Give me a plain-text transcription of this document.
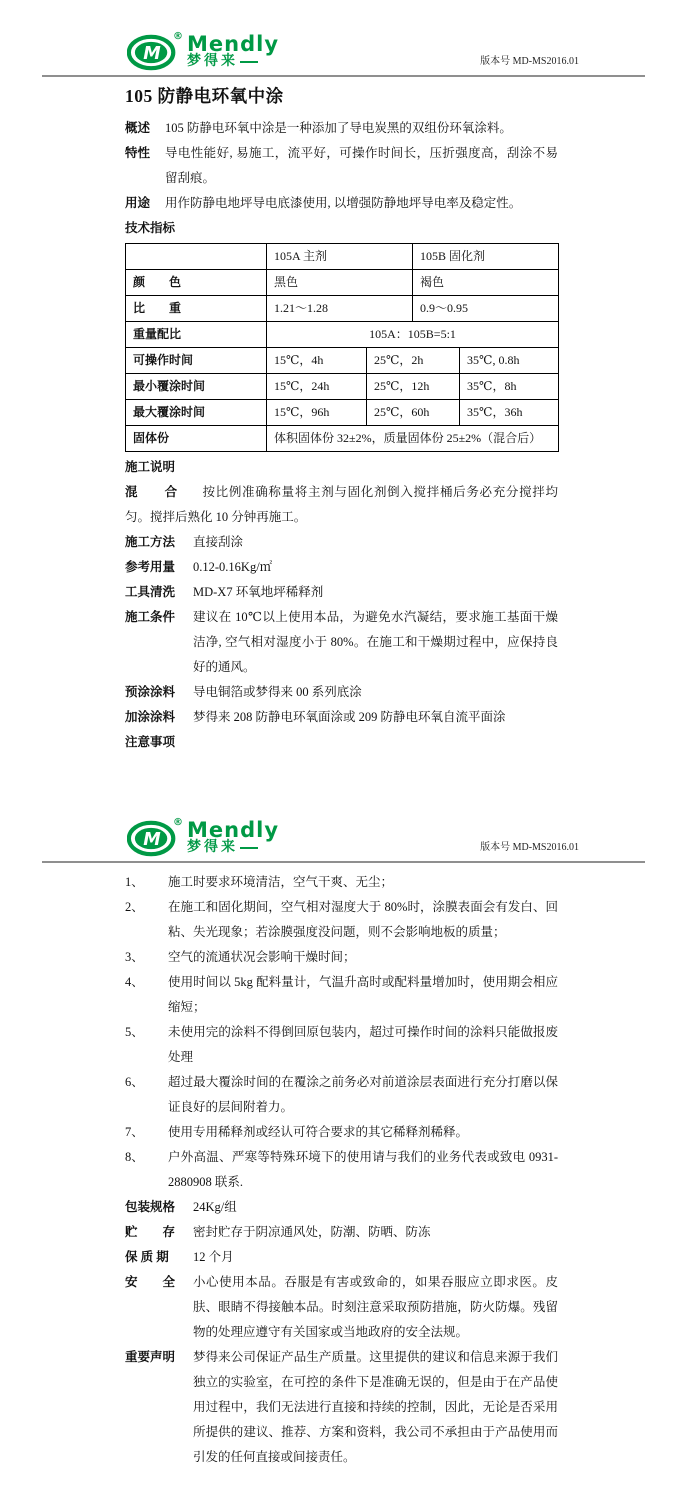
M
® Mendly
梦得来	版本号 MD-MS2016.01
105 防静电环氧中涂
概述	105 防静电环氧中涂是一种添加了导电炭黑的双组份环氧涂料。
特性	导电性能好, 易施工，流平好，可操作时间长，压折强度高，刮涂不易留刮痕。
用途	用作防静电地坪导电底漆使用, 以增强防静地坪导电率及稳定性。

技术指标

	105A 主剂		105B 固化剂	
颜　　色	黑色		褐色	
比　　重	1.21～1.28		0.9～0.95	
重量配比	105A：105B=5:1			
可操作时间	15℃，4h	25℃，2h		35℃, 0.8h
最小覆涂时间	15℃，24h	25℃，12h		35℃，8h
最大覆涂时间	15℃，96h	25℃，60h		35℃，36h
固体份	体积固体份 32±2%，质量固体份 25±2%（混合后）			

施工说明

混　　合 按比例准确称量将主剂与固化剂倒入搅拌桶后务必充分搅拌均匀。搅拌后熟化 10 分钟再施工。

施工方法	直接刮涂
参考用量	0.12-0.16Kg/㎡
工具清洗	MD-X7 环氧地坪稀释剂
施工条件	建议在 10℃以上使用本品，为避免水汽凝结，要求施工基面干燥洁净, 空气相对湿度小于 80%。在施工和干燥期过程中，应保持良好的通风。
预涂涂料	导电铜箔或梦得来 00 系列底涂
加涂涂料	梦得来 208 防静电环氧面涂或 209 防静电环氧自流平面涂

注意事项

M
® Mendly
梦得来	版本号 MD-MS2016.01
1、	施工时要求环境清洁，空气干爽、无尘；
2、	在施工和固化期间，空气相对湿度大于 80%时，涂膜表面会有发白、回粘、失光现象；若涂膜强度没问题，则不会影响地板的质量；
3、	空气的流通状况会影响干燥时间；
4、	使用时间以 5kg 配料量计，气温升高时或配料量增加时，使用期会相应缩短；
5、	未使用完的涂料不得倒回原包装内，超过可操作时间的涂料只能做报废处理
6、	超过最大覆涂时间的在覆涂之前务必对前道涂层表面进行充分打磨以保证良好的层间附着力。
7、	使用专用稀释剂或经认可符合要求的其它稀释剂稀释。
8、	户外高温、严寒等特殊环境下的使用请与我们的业务代表或致电 0931-2880908 联系.
包装规格	24Kg/组
贮　　存	密封贮存于阴凉通风处，防潮、防晒、防冻
保 质 期	12 个月
安　　全	小心使用本品。吞服是有害或致命的，如果吞服应立即求医。皮肤、眼睛不得接触本品。时刻注意采取预防措施，防火防爆。残留物的处理应遵守有关国家或当地政府的安全法规。
重要声明	梦得来公司保证产品生产质量。这里提供的建议和信息来源于我们独立的实验室，在可控的条件下是准确无误的，但是由于在产品使用过程中，我们无法进行直接和持续的控制，因此，无论是否采用所提供的建议、推荐、方案和资料，我公司不承担由于产品使用而引发的任何直接或间接责任。
